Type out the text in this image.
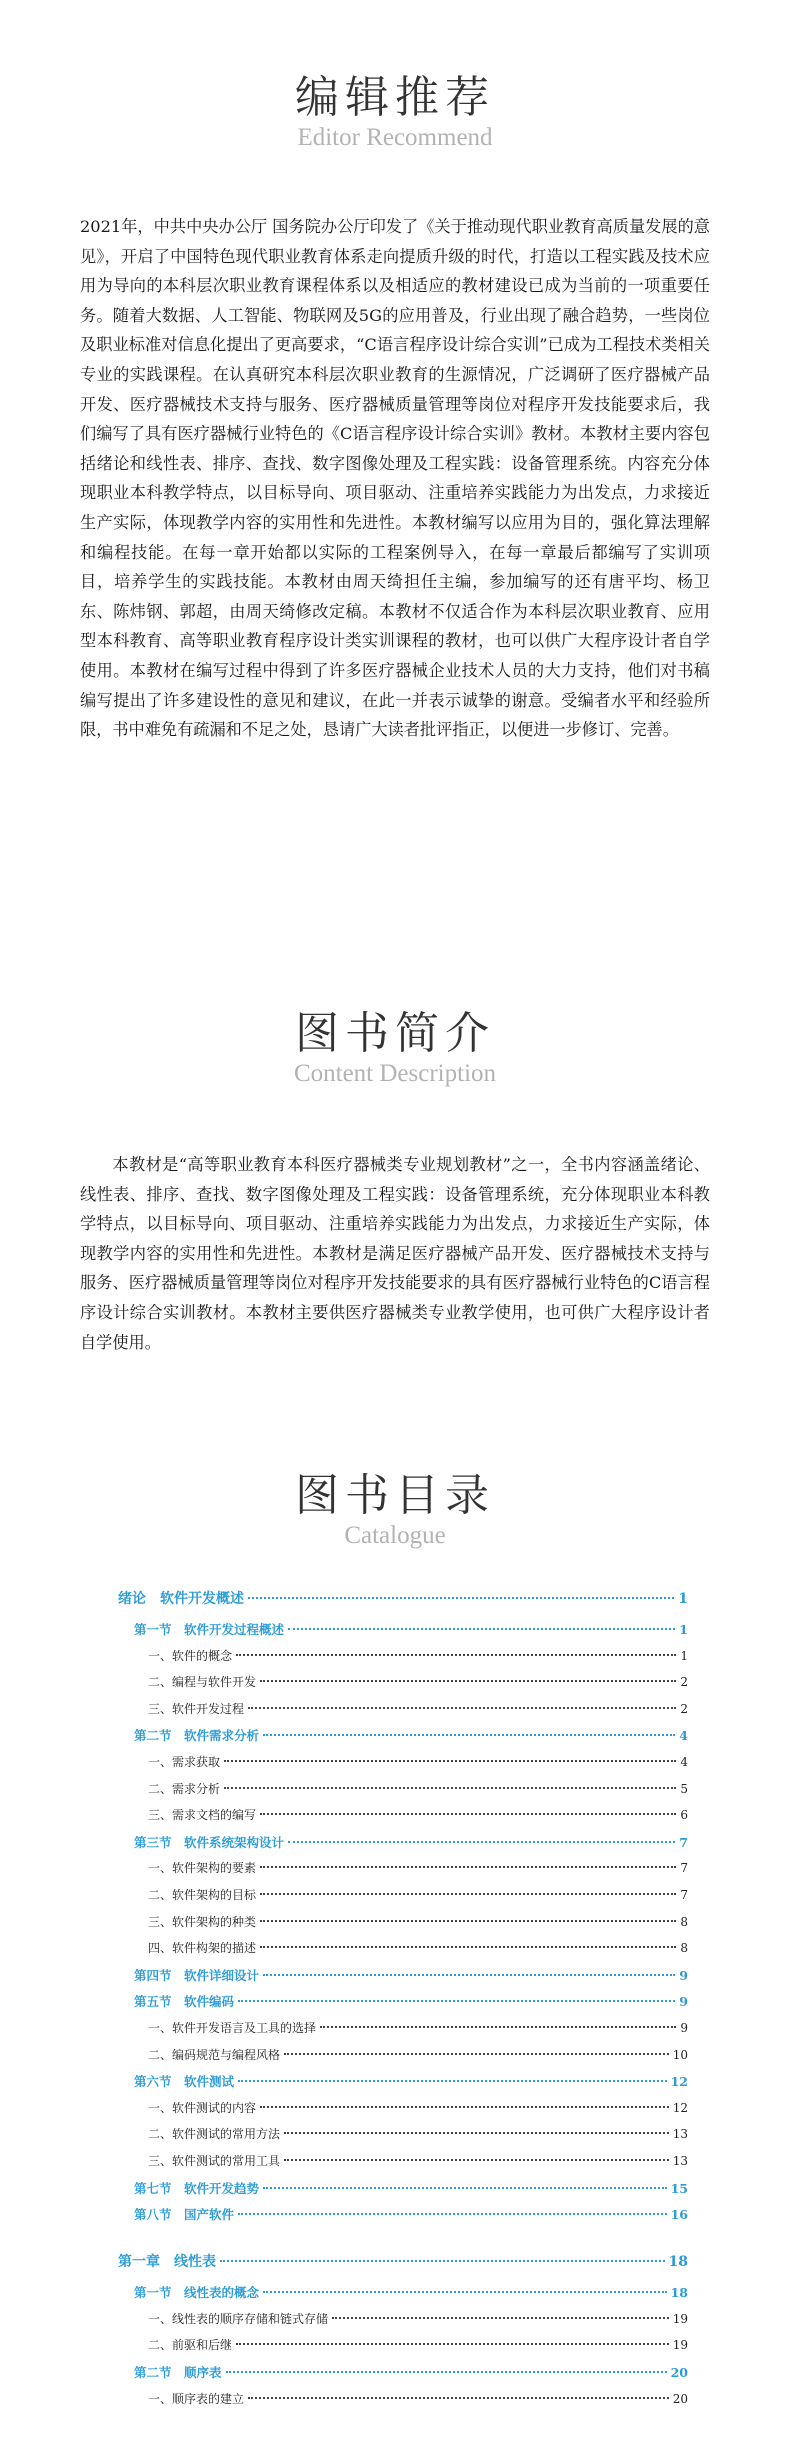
编辑推荐
Editor Recommend

2021年，中共中央办公厅 国务院办公厅印发了《关于推动现代职业教育高质量发展的意见》，开启了中国特色现代职业教育体系走向提质升级的时代，打造以工程实践及技术应用为导向的本科层次职业教育课程体系以及相适应的教材建设已成为当前的一项重要任务。随着大数据、人工智能、物联网及5G的应用普及，行业出现了融合趋势，一些岗位及职业标准对信息化提出了更高要求，“C语言程序设计综合实训”已成为工程技术类相关专业的实践课程。在认真研究本科层次职业教育的生源情况，广泛调研了医疗器械产品开发、医疗器械技术支持与服务、医疗器械质量管理等岗位对程序开发技能要求后，我们编写了具有医疗器械行业特色的《C语言程序设计综合实训》教材。本教材主要内容包括绪论和线性表、排序、查找、数字图像处理及工程实践：设备管理系统。内容充分体现职业本科教学特点，以目标导向、项目驱动、注重培养实践能力为出发点，力求接近生产实际，体现教学内容的实用性和先进性。本教材编写以应用为目的，强化算法理解和编程技能。在每一章开始都以实际的工程案例导入，在每一章最后都编写了实训项目，培养学生的实践技能。本教材由周天绮担任主编，参加编写的还有唐平均、杨卫东、陈炜钢、郭超，由周天绮修改定稿。本教材不仅适合作为本科层次职业教育、应用型本科教育、高等职业教育程序设计类实训课程的教材，也可以供广大程序设计者自学使用。本教材在编写过程中得到了许多医疗器械企业技术人员的大力支持，他们对书稿编写提出了许多建设性的意见和建议，在此一并表示诚挚的谢意。受编者水平和经验所限，书中难免有疏漏和不足之处，恳请广大读者批评指正，以便进一步修订、完善。

图书简介
Content Description

本教材是“高等职业教育本科医疗器械类专业规划教材”之一，全书内容涵盖绪论、线性表、排序、查找、数字图像处理及工程实践：设备管理系统，充分体现职业本科教学特点，以目标导向、项目驱动、注重培养实践能力为出发点，力求接近生产实际，体现教学内容的实用性和先进性。本教材是满足医疗器械产品开发、医疗器械技术支持与服务、医疗器械质量管理等岗位对程序开发技能要求的具有医疗器械行业特色的C语言程序设计综合实训教材。本教材主要供医疗器械类专业教学使用，也可供广大程序设计者自学使用。

图书目录
Catalogue
绪论　软件开发概述	1
第一节　软件开发过程概述	1
一、软件的概念	1
二、编程与软件开发	2
三、软件开发过程	2
第二节　软件需求分析	4
一、需求获取	4
二、需求分析	5
三、需求文档的编写	6
第三节　软件系统架构设计	7
一、软件架构的要素	7
二、软件架构的目标	7
三、软件架构的种类	8
四、软件构架的描述	8
第四节　软件详细设计	9
第五节　软件编码	9
一、软件开发语言及工具的选择	9
二、编码规范与编程风格	10
第六节　软件测试	12
一、软件测试的内容	12
二、软件测试的常用方法	13
三、软件测试的常用工具	13
第七节　软件开发趋势	15
第八节　国产软件	16
第一章　线性表	18
第一节　线性表的概念	18
一、线性表的顺序存储和链式存储	19
二、前驱和后继	19
第二节　顺序表	20
一、顺序表的建立	20
